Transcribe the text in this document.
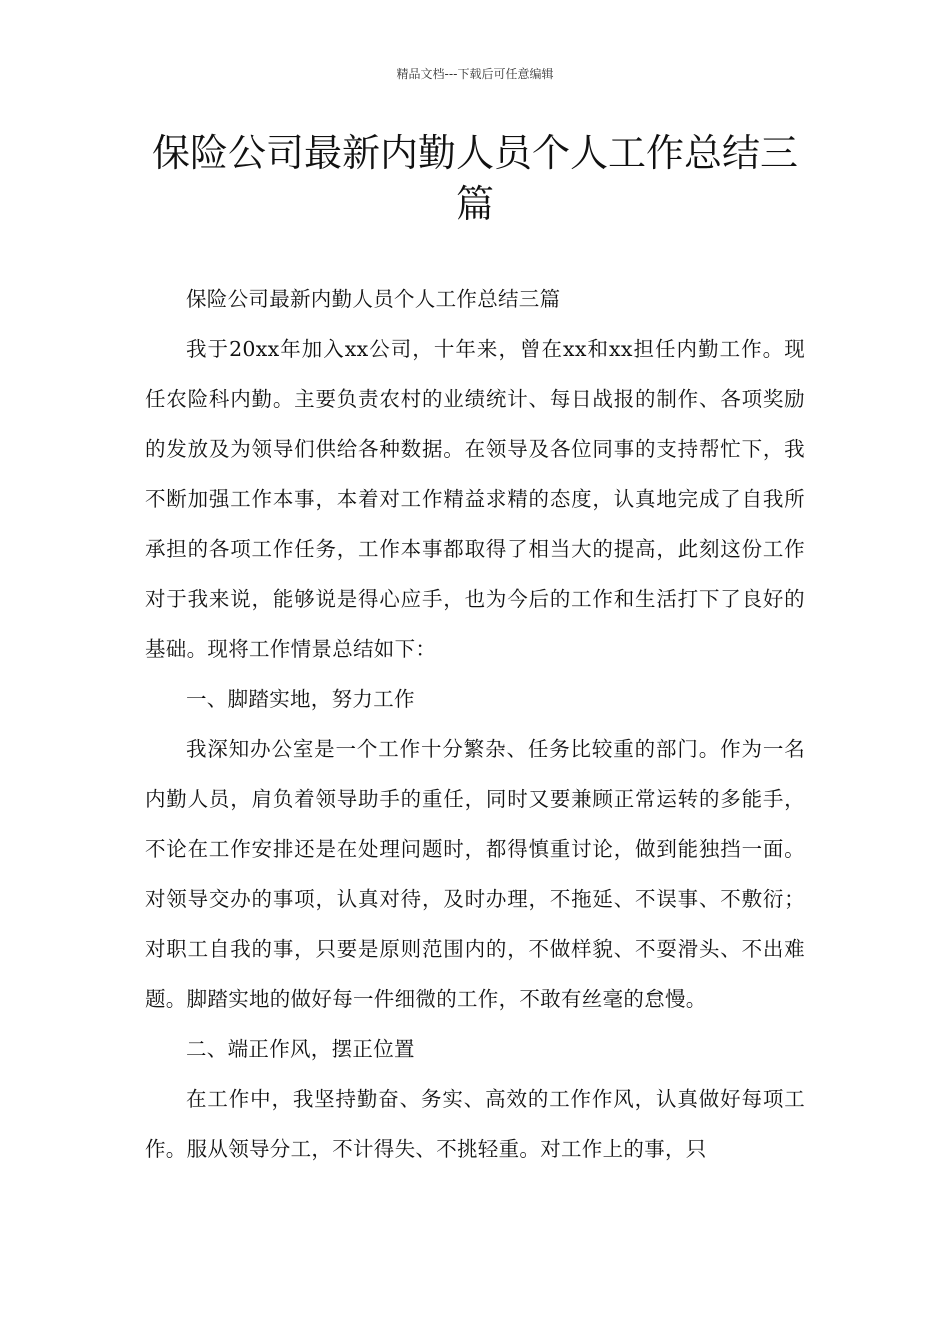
精品文档---下载后可任意编辑
保险公司最新内勤人员个人工作总结三
篇

保险公司最新内勤人员个人工作总结三篇

我于20xx年加入xx公司，十年来，曾在xx和xx担任内勤工作。现任农险科内勤。主要负责农村的业绩统计、每日战报的制作、各项奖励的发放及为领导们供给各种数据。在领导及各位同事的支持帮忙下，我不断加强工作本事，本着对工作精益求精的态度，认真地完成了自我所承担的各项工作任务，工作本事都取得了相当大的提高，此刻这份工作对于我来说，能够说是得心应手，也为今后的工作和生活打下了良好的基础。现将工作情景总结如下：

一、脚踏实地，努力工作

我深知办公室是一个工作十分繁杂、任务比较重的部门。作为一名内勤人员，肩负着领导助手的重任，同时又要兼顾正常运转的多能手，不论在工作安排还是在处理问题时，都得慎重讨论，做到能独挡一面。对领导交办的事项，认真对待，及时办理，不拖延、不误事、不敷衍；对职工自我的事，只要是原则范围内的，不做样貌、不耍滑头、不出难题。脚踏实地的做好每一件细微的工作，不敢有丝毫的怠慢。

二、端正作风，摆正位置

在工作中，我坚持勤奋、务实、高效的工作作风，认真做好每项工作。服从领导分工，不计得失、不挑轻重。对工作上的事，只
